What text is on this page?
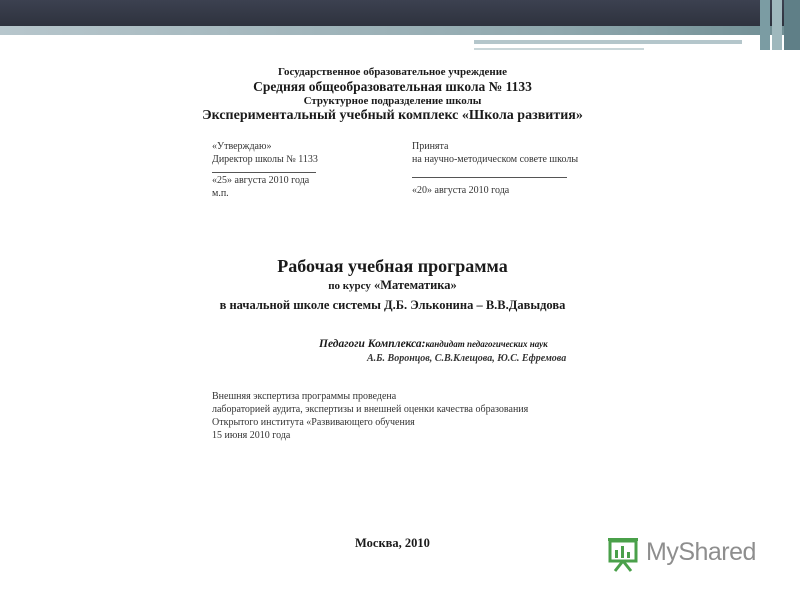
Государственное образовательное учреждение
Средняя общеобразовательная школа № 1133
Структурное подразделение школы
Экспериментальный учебный комплекс «Школа развития»
«Утверждаю»
Директор школы № 1133
«25» августа 2010 года
м.п.
Принята
на научно-методическом совете школы
«20» августа 2010 года
Рабочая учебная программа
по курсу «Математика»
в начальной школе системы Д.Б. Эльконина – В.В.Давыдова
Педагоги Комплекса:кандидат педагогических наук
А.Б. Воронцов, С.В.Клещова, Ю.С. Ефремова
Внешняя экспертиза программы проведена
лабораторией аудита, экспертизы и внешней оценки качества образования
Открытого института «Развивающего обучения
15 июня 2010 года
Москва, 2010	MyShared
